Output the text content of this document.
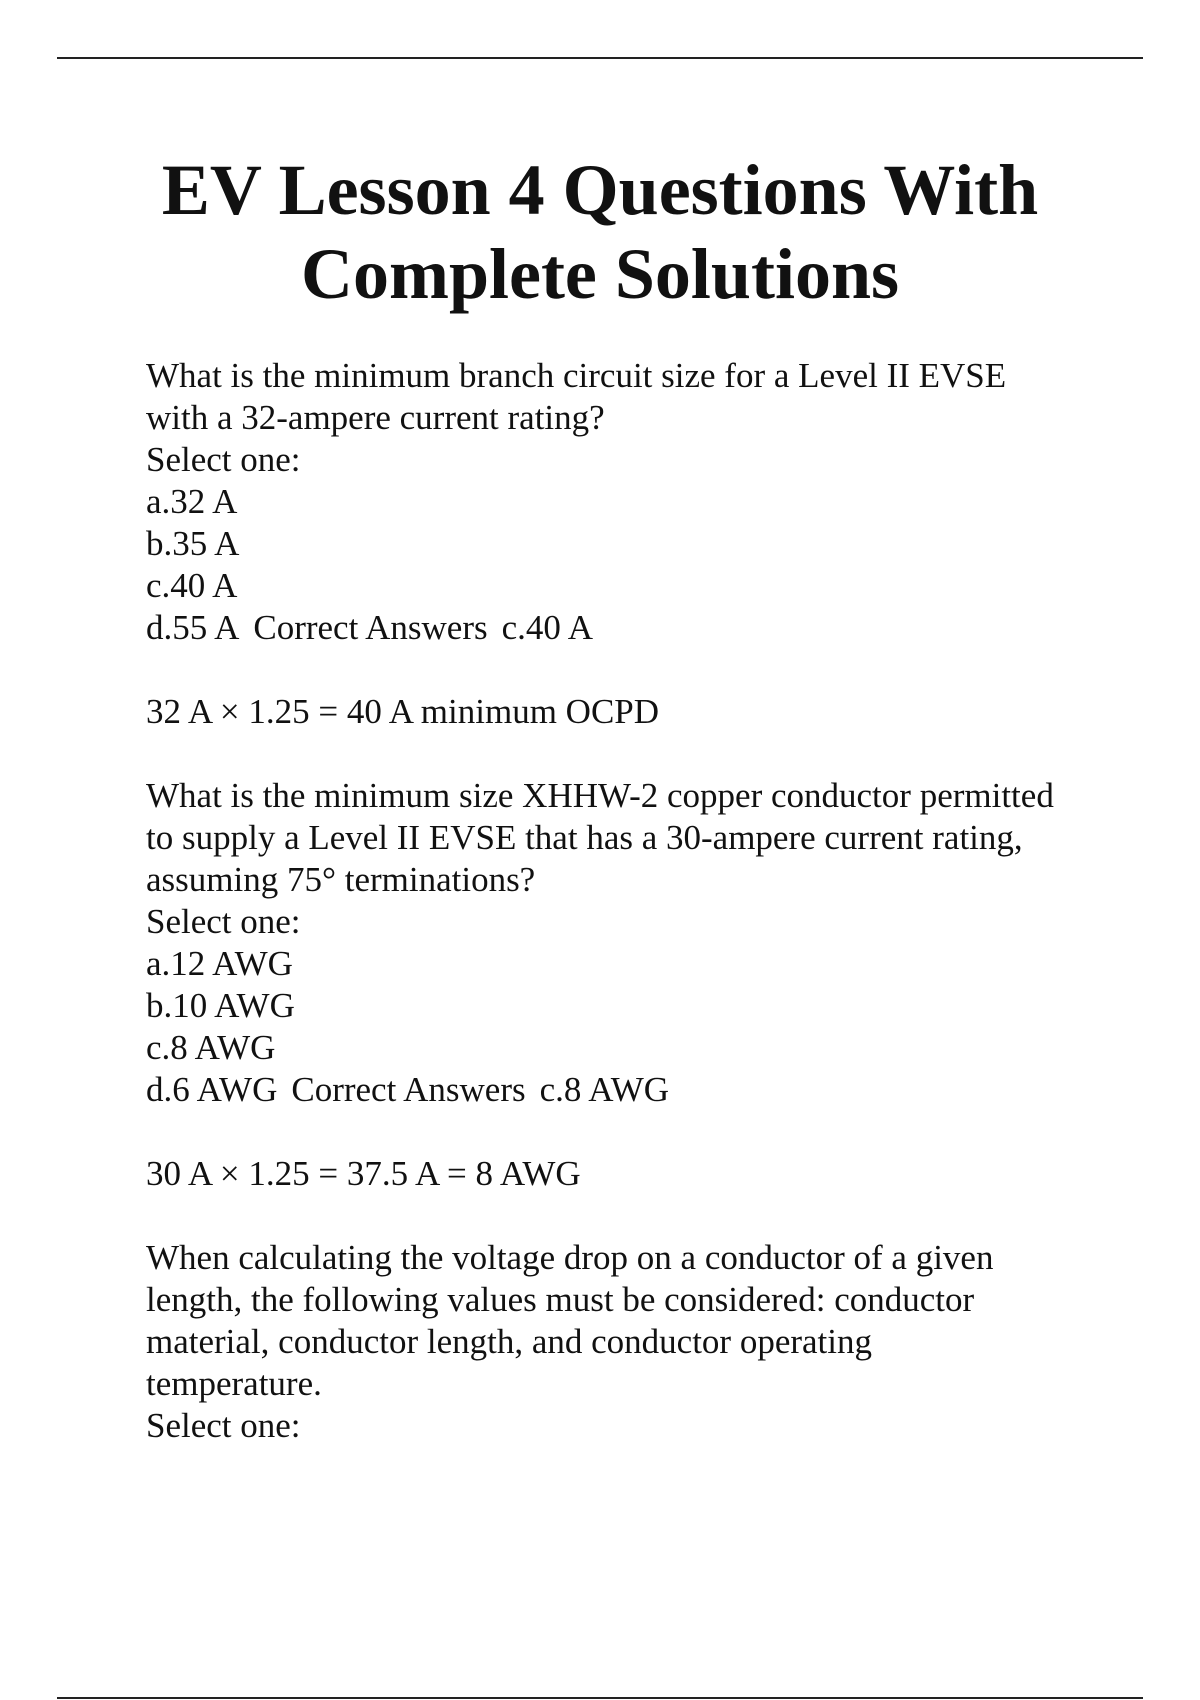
EV Lesson 4 Questions With
Complete Solutions
What is the minimum branch circuit size for a Level II EVSE
with a 32-ampere current rating?
Select one:
a.32 A
b.35 A
c.40 A
d.55 A Correct Answers c.40 A
32 A × 1.25 = 40 A minimum OCPD
What is the minimum size XHHW-2 copper conductor permitted
to supply a Level II EVSE that has a 30-ampere current rating,
assuming 75° terminations?
Select one:
a.12 AWG
b.10 AWG
c.8 AWG
d.6 AWG Correct Answers c.8 AWG
30 A × 1.25 = 37.5 A = 8 AWG
When calculating the voltage drop on a conductor of a given
length, the following values must be considered: conductor
material, conductor length, and conductor operating
temperature.
Select one:
